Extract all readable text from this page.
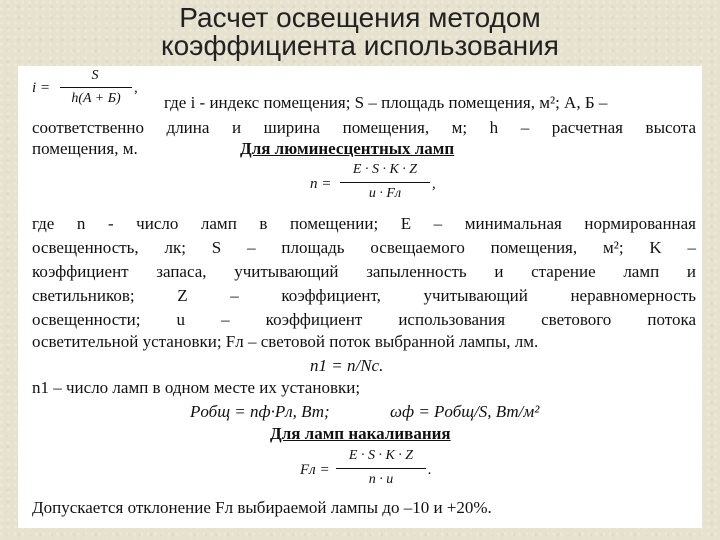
Расчет освещения методом
коэффициента использования
i =
S
h(A + Б)
,
где i - индекс помещения; S – площадь помещения, м²; А, Б –
соответственно длина и ширина помещения, м; h – расчетная высота
помещения, м.	Для люминесцентных ламп
n =
E · S · K · Z
u · Fл
,
где n - число ламп в помещении; E – минимальная нормированная
освещенность, лк; S – площадь освещаемого помещения, м²; K –
коэффициент запаса, учитывающий запыленность и старение ламп и
светильников; Z – коэффициент, учитывающий неравномерность
освещенности; u – коэффициент использования светового потока
осветительной установки; Fл – световой поток выбранной лампы, лм.
n1 = n/Nс.
n1 – число ламп в одном месте их установки;
Pобщ = nф·Pл, Вт;	ωф = Pобщ/S, Вт/м²
Для ламп накаливания
Fл =
E · S · K · Z
n · u
.
Допускается отклонение Fл выбираемой лампы до –10 и +20%.
